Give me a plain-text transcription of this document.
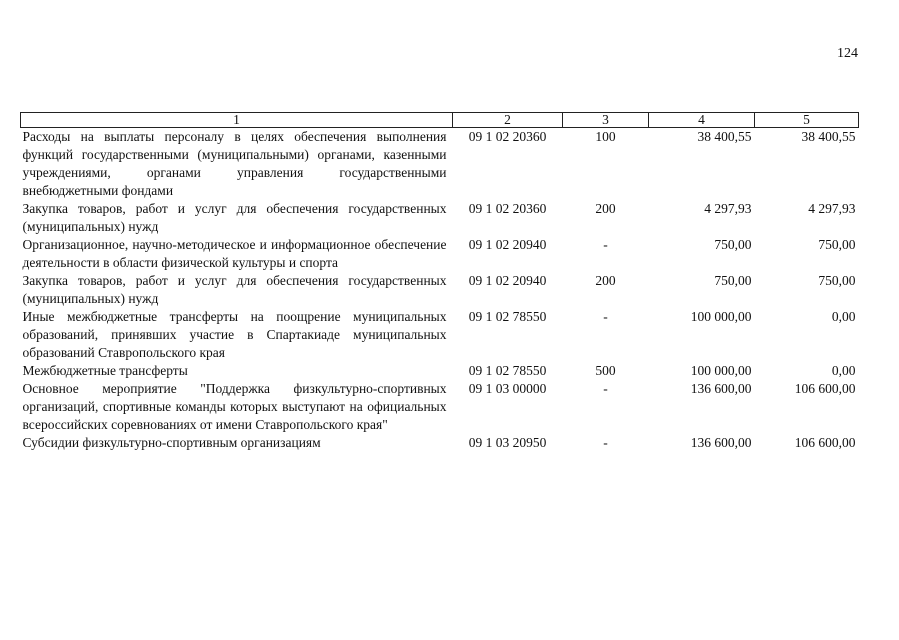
124
1	2	3	4	5
Расходы на выплаты персоналу в целях обеспечения выполнения функций государственными (муниципальными) органами, казенными учреждениями, органами управления государственными внебюджетными фондами	09 1 02 20360	100	38 400,55	38 400,55
Закупка товаров, работ и услуг для обеспечения государственных (муниципальных) нужд	09 1 02 20360	200	4 297,93	4 297,93
Организационное, научно-методическое и информационное обеспечение деятельности в области физической культуры и спорта	09 1 02 20940	-	750,00	750,00
Закупка товаров, работ и услуг для обеспечения государственных (муниципальных) нужд	09 1 02 20940	200	750,00	750,00
Иные межбюджетные трансферты на поощрение муниципальных образований, принявших участие в Спартакиаде муниципальных образований Ставропольского края	09 1 02 78550	-	100 000,00	0,00
Межбюджетные трансферты	09 1 02 78550	500	100 000,00	0,00
Основное мероприятие "Поддержка физкультурно-спортивных организаций, спортивные команды которых выступают на официальных всероссийских соревнованиях от имени Ставропольского края"	09 1 03 00000	-	136 600,00	106 600,00
Субсидии физкультурно-спортивным организациям	09 1 03 20950	-	136 600,00	106 600,00
